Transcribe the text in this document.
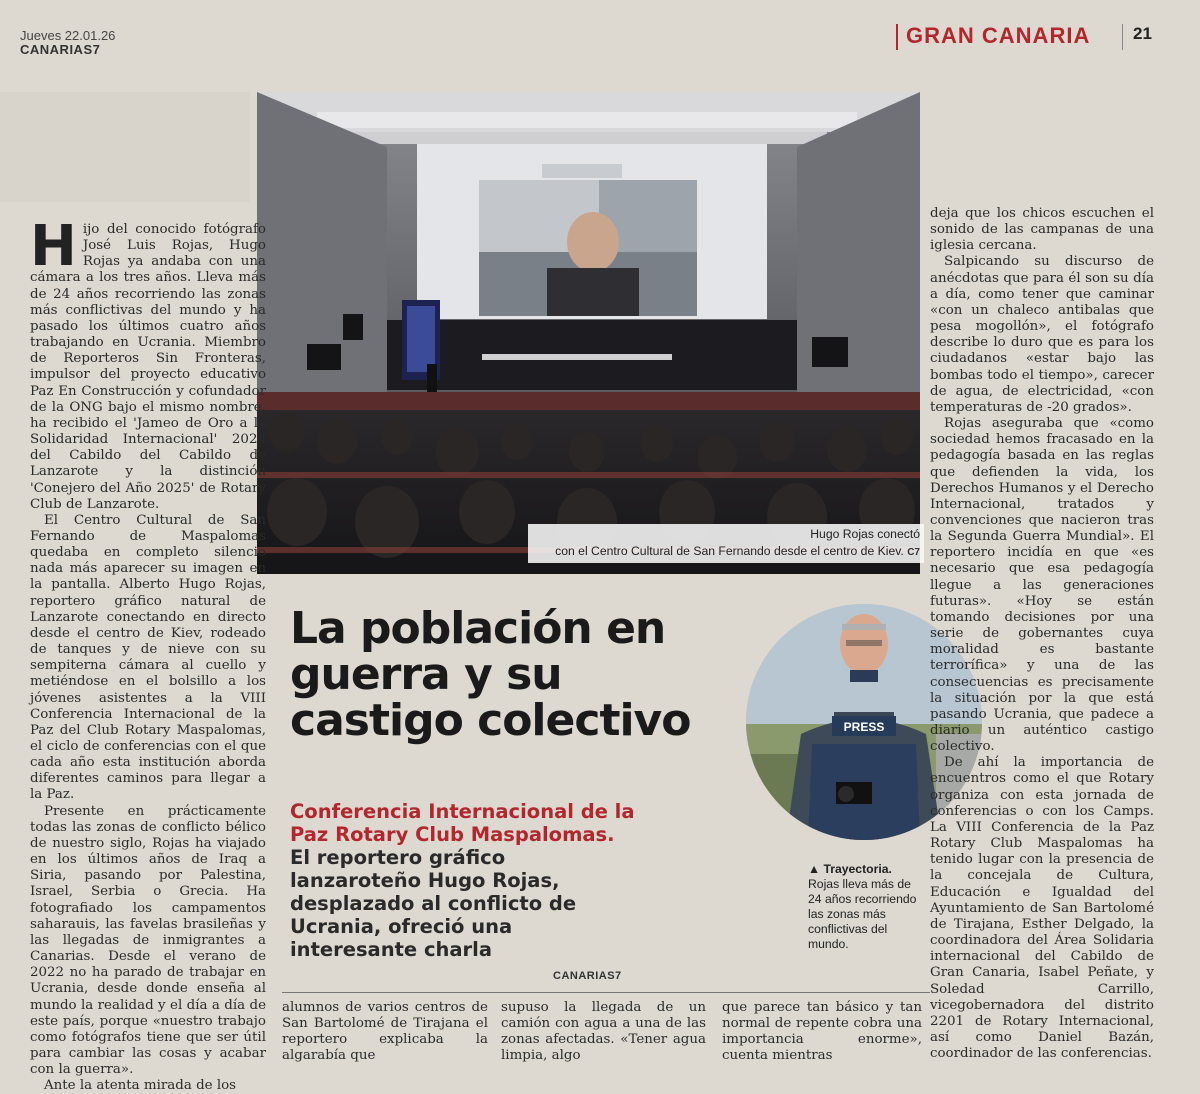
Jueves 22.01.26
CANARIAS7
GRAN CANARIA	21
Hugo Rojas conectó
con el Centro Cultural de San Fernando desde el centro de Kiev. C7
H ijo del conocido fotógrafo José Luis Rojas, Hugo Rojas ya andaba con una cámara a los tres años. Lleva más de 24 años recorriendo las zonas más conflictivas del mundo y ha pasado los últimos cuatro años trabajando en Ucrania. Miembro de Reporteros Sin Fronteras, impulsor del proyecto educativo Paz En Construcción y cofundador de la ONG bajo el mismo nombre, ha recibido el 'Jameo de Oro a la Solidaridad Internacional' 2024 del Cabildo del Cabildo de Lanzarote y la distinción 'Conejero del Año 2025' de Rotary Club de Lanzarote.

El Centro Cultural de San Fernando de Maspalomas quedaba en completo silencio nada más aparecer su imagen en la pantalla. Alberto Hugo Rojas, reportero gráfico natural de Lanzarote conectando en directo desde el centro de Kiev, rodeado de tanques y de nieve con su sempiterna cámara al cuello y metiéndose en el bolsillo a los jóvenes asistentes a la VIII Conferencia Internacional de la Paz del Club Rotary Maspalomas, el ciclo de conferencias con el que cada año esta institución aborda diferentes caminos para llegar a la Paz.

Presente en prácticamente todas las zonas de conflicto bélico de nuestro siglo, Rojas ha viajado en los últimos años de Iraq a Siria, pasando por Palestina, Israel, Serbia o Grecia. Ha fotografiado los campamentos saharauis, las favelas brasileñas y las llegadas de inmigrantes a Canarias. Desde el verano de 2022 no ha parado de trabajar en Ucrania, desde donde enseña al mundo la realidad y el día a día de este país, porque «nuestro trabajo como fotógrafos tiene que ser útil para cambiar las cosas y acabar con la guerra».

Ante la atenta mirada de los

La población en guerra y su castigo colectivo
Conferencia Internacional de la Paz Rotary Club Maspalomas. El reportero gráfico lanzaroteño Hugo Rojas, desplazado al conflicto de Ucrania, ofreció una interesante charla
PRESS
▲ Trayectoria. Rojas lleva más de 24 años recorriendo las zonas más conflictivas del mundo.
CANARIAS7

alumnos de varios centros de San Bartolomé de Tirajana el reportero explicaba la algarabía que

supuso la llegada de un camión con agua a una de las zonas afectadas. «Tener agua limpia, algo

que parece tan básico y tan normal de repente cobra una importancia enorme», cuenta mientras

deja que los chicos escuchen el sonido de las campanas de una iglesia cercana.

Salpicando su discurso de anécdotas que para él son su día a día, como tener que caminar «con un chaleco antibalas que pesa mogollón», el fotógrafo describe lo duro que es para los ciudadanos «estar bajo las bombas todo el tiempo», carecer de agua, de electricidad, «con temperaturas de -20 grados».

Rojas aseguraba que «como sociedad hemos fracasado en la pedagogía basada en las reglas que defienden la vida, los Derechos Humanos y el Derecho Internacional, tratados y convenciones que nacieron tras la Segunda Guerra Mundial». El reportero incidía en que «es necesario que esa pedagogía llegue a las generaciones futuras». «Hoy se están tomando decisiones por una serie de gobernantes cuya moralidad es bastante terrorífica» y una de las consecuencias es precisamente la situación por la que está pasando Ucrania, que padece a diario un auténtico castigo colectivo.

De ahí la importancia de encuentros como el que Rotary organiza con esta jornada de conferencias o con los Camps. La VIII Conferencia de la Paz Rotary Club Maspalomas ha tenido lugar con la presencia de la concejala de Cultura, Educación e Igualdad del Ayuntamiento de San Bartolomé de Tirajana, Esther Delgado, la coordinadora del Área Solidaria internacional del Cabildo de Gran Canaria, Isabel Peñate, y Soledad Carrillo, vicegobernadora del distrito 2201 de Rotary Internacional, así como Daniel Bazán, coordinador de las conferencias.
